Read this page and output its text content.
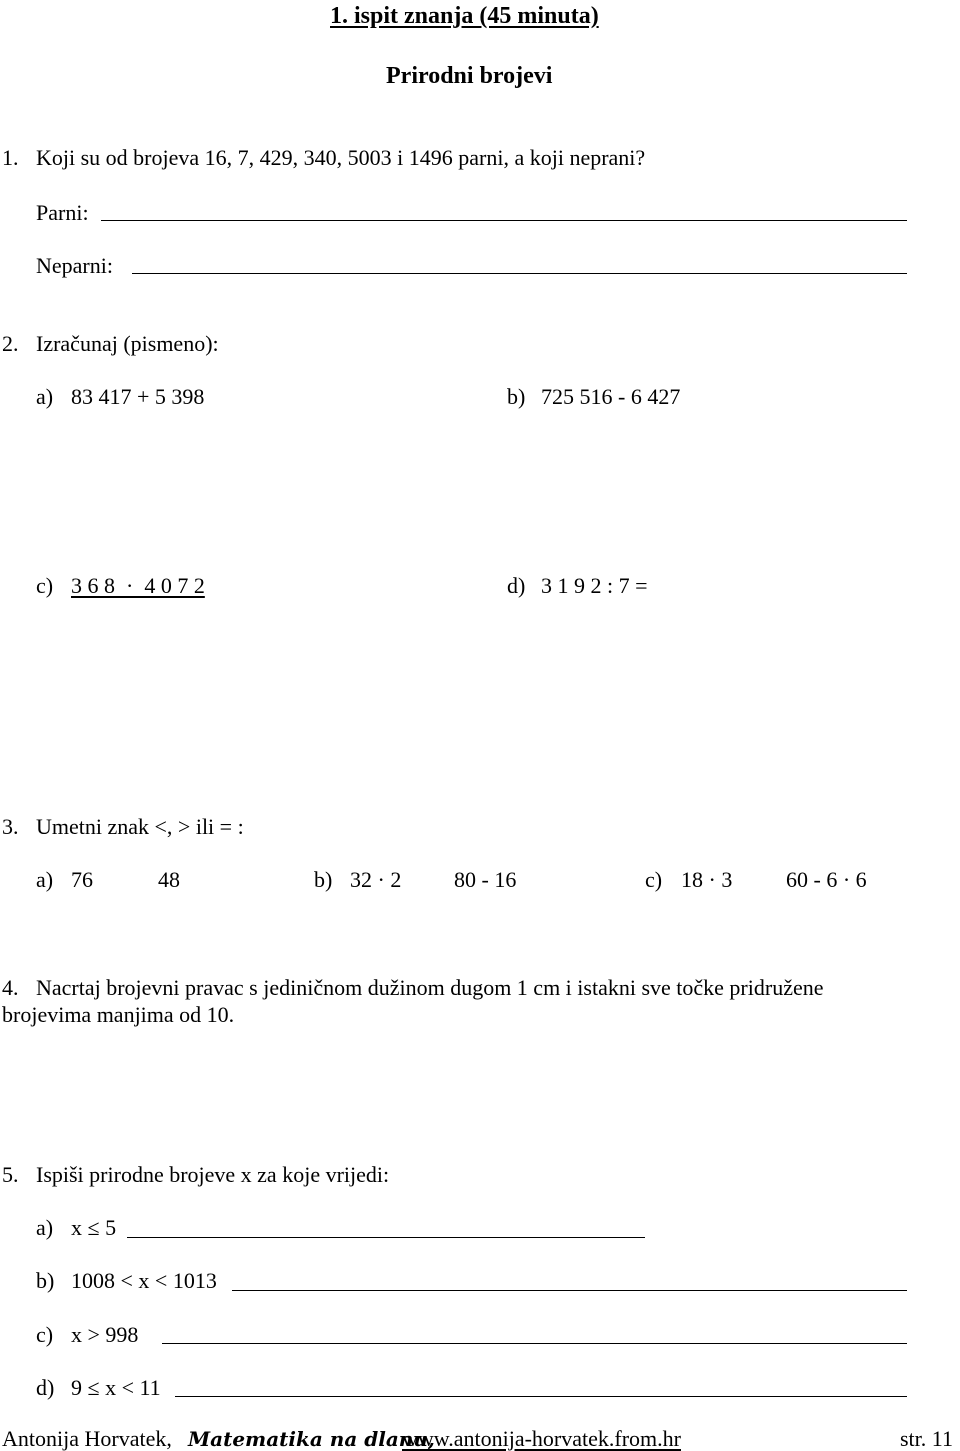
1. ispit znanja (45 minuta)
Prirodni brojevi
1. Koji su od brojeva 16, 7, 429, 340, 5003 i 1496 parni, a koji neprani?
Parni:
Neparni:
2. Izračunaj (pismeno):
a) 83 417 + 5 398	b) 725 516 - 6 427
c) 3 6 8  ·  4 0 7 2	d) 3 1 9 2 : 7 =
3. Umetni znak <, > ili = :
a) 76	48	b) 32 · 2 80 - 16	c) 18 · 3 60 - 6 · 6
4. Nacrtaj brojevni pravac s jediničnom dužinom dugom 1 cm i istakni sve točke pridružene
brojevima manjima od 10.
5. Ispiši prirodne brojeve x za koje vrijedi:
a) x ≤ 5
b) 1008 < x < 1013
c) x > 998
d) 9 ≤ x < 11
Antonija Horvatek, Matematika na dlanu,
www.antonija-horvatek.from.hr	str. 11
